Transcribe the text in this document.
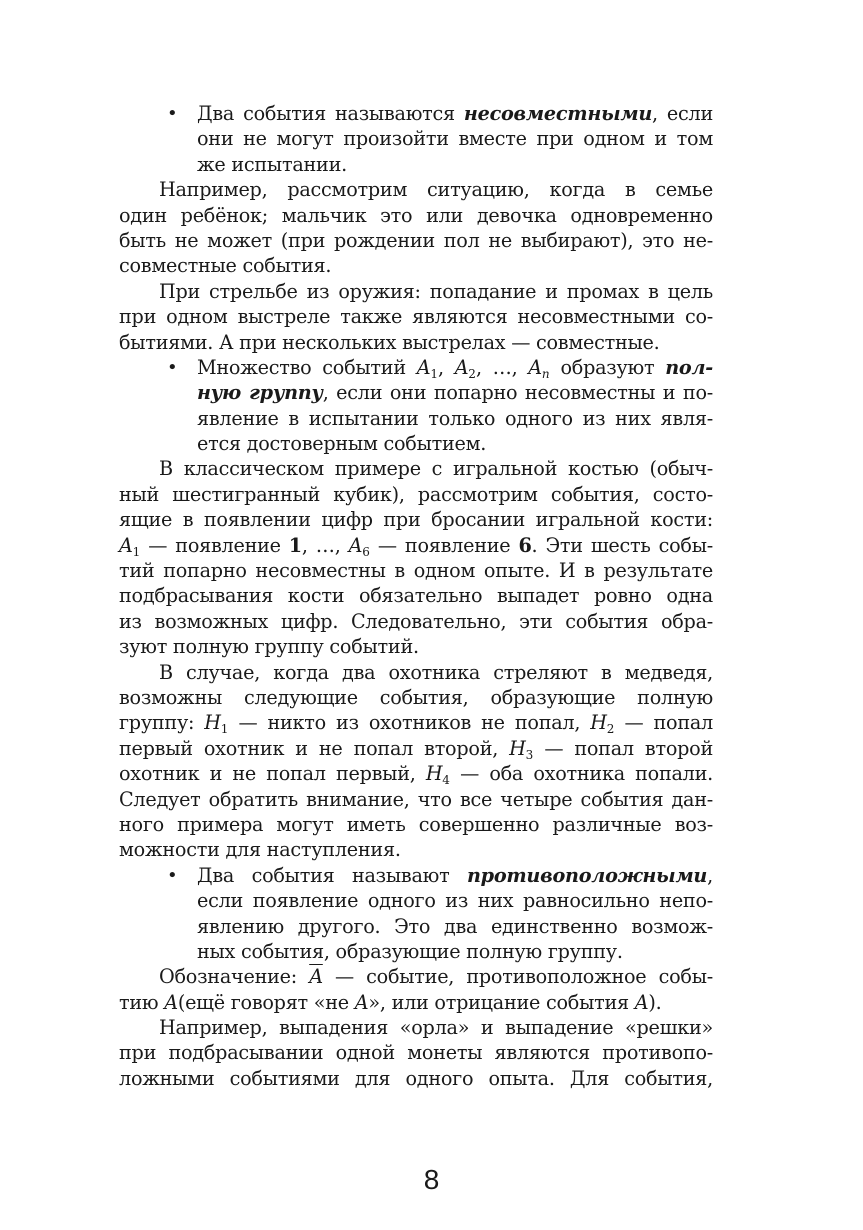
• Два события называются несовместными, если
они не могут произойти вместе при одном и том
же испытании.
Например, рассмотрим ситуацию, когда в семье
один ребёнок; мальчик это или девочка одновременно
быть не может (при рождении пол не выбирают), это не-
совместные события.
При стрельбе из оружия: попадание и промах в цель
при одном выстреле также являются несовместными со-
бытиями. А при нескольких выстрелах — совместные.
• Множество событий $A_1$, $A_2$, …, $A_n$ образуют пол-
ную группу, если они попарно несовместны и по-
явление в испытании только одного из них явля-
ется достоверным событием.
В классическом примере с игральной костью (обыч-
ный шестигранный кубик), рассмотрим события, состо-
ящие в появлении цифр при бросании игральной кости:
$A_1$ — появление 1, …, $A_6$ — появление 6. Эти шесть собы-
тий попарно несовместны в одном опыте. И в результате
подбрасывания кости обязательно выпадет ровно одна
из возможных цифр. Следовательно, эти события обра-
зуют полную группу событий.
В случае, когда два охотника стреляют в медведя,
возможны следующие события, образующие полную
группу: $H_1$ — никто из охотников не попал, $H_2$ — попал
первый охотник и не попал второй, $H_3$ — попал второй
охотник и не попал первый, $H_4$ — оба охотника попали.
Следует обратить внимание, что все четыре события дан-
ного примера могут иметь совершенно различные воз-
можности для наступления.
• Два события называют противоположными,
если появление одного из них равносильно непо-
явлению другого. Это два единственно возмож-
ных события, образующие полную группу.
Обозначение: $\overline{A}$ — событие, противоположное собы-
тию A(ещё говорят «не A», или отрицание события A).
Например, выпадения «орла» и выпадение «решки»
при подбрасывании одной монеты являются противопо-
ложными событиями для одного опыта. Для события,
8
